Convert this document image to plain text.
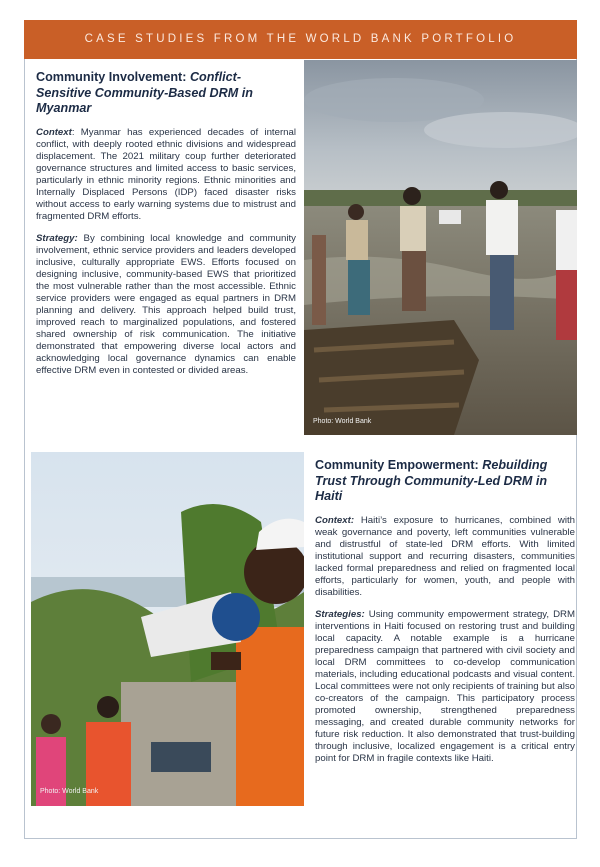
CASE STUDIES FROM THE WORLD BANK PORTFOLIO
Community Involvement: Conflict-Sensitive Community-Based DRM in Myanmar

Context: Myanmar has experienced decades of internal conflict, with deeply rooted ethnic divisions and widespread displacement. The 2021 military coup further deteriorated governance structures and limited access to basic services, particularly in ethnic minority regions. Ethnic minorities and Internally Displaced Persons (IDP) faced disaster risks without access to early warning systems due to mistrust and fragmented DRM efforts.

Strategy: By combining local knowledge and community involvement, ethnic service providers and leaders developed inclusive, culturally appropriate EWS. Efforts focused on designing inclusive, community-based EWS that prioritized the most vulnerable rather than the most accessible. Ethnic service providers were engaged as equal partners in DRM planning and delivery. This approach helped build trust, improved reach to marginalized populations, and fostered shared ownership of risk communication. The initiative demonstrated that empowering diverse local actors and acknowledging local governance dynamics can enable effective DRM even in contested or divided areas.

Photo: World Bank
Photo: World Bank
Community Empowerment: Rebuilding Trust Through Community-Led DRM in Haiti

Context: Haiti’s exposure to hurricanes, combined with weak governance and poverty, left communities vulnerable and distrustful of state-led DRM efforts. With limited institutional support and recurring disasters, communities lacked formal preparedness and relied on fragmented local efforts, particularly for women, youth, and people with disabilities.

Strategies: Using community empowerment strategy, DRM interventions in Haiti focused on restoring trust and building local capacity. A notable example is a hurricane preparedness campaign that partnered with civil society and local DRM committees to co-develop communication materials, including educational podcasts and visual content. Local committees were not only recipients of training but also co-creators of the campaign. This participatory process promoted ownership, strengthened preparedness messaging, and created durable community networks for future risk reduction. It also demonstrated that trust-building through inclusive, localized engagement is a critical entry point for DRM in fragile contexts like Haiti.
